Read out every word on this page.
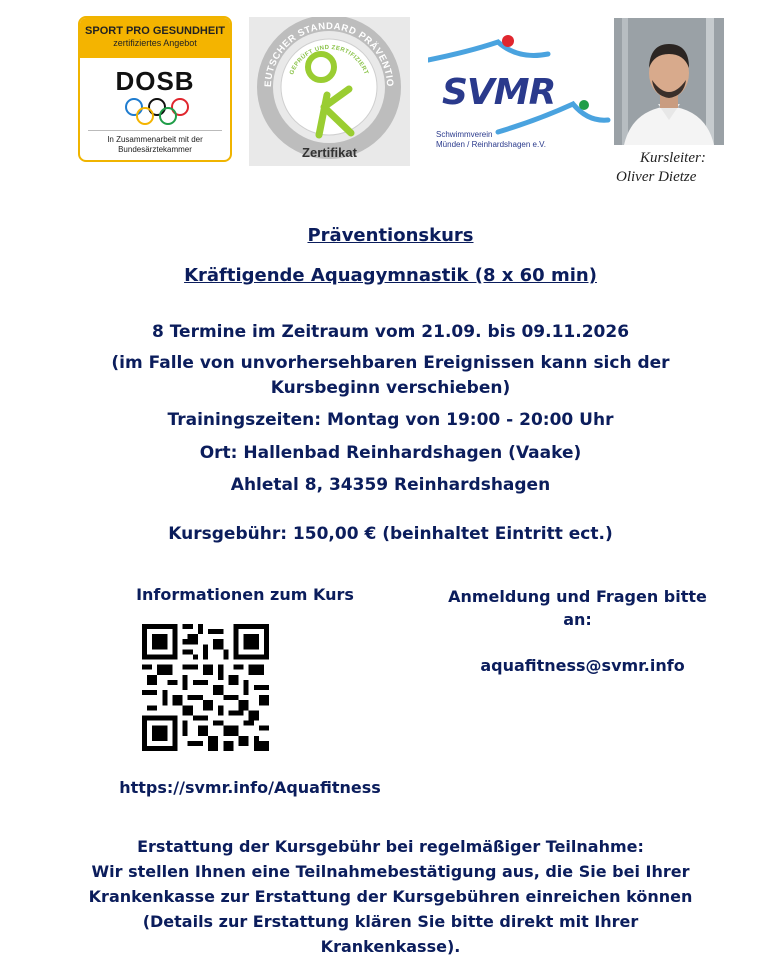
SPORT PRO GESUNDHEIT
zertifiziertes Angebot
DOSB
In Zusammenarbeit mit der
Bundesärztekammer
EUTSCHER STANDARD PRÄVENTIO
GEPRÜFT UND ZERTIFIZIERT
Zertifikat
SVMR
Schwimmverein
Münden / Reinhardshagen e.V.
Kursleiter:
Oliver Dietze
Präventionskurs
Kräftigende Aquagymnastik (8 x 60 min)
8 Termine im Zeitraum vom 21.09. bis 09.11.2026
(im Falle von unvorhersehbaren Ereignissen kann sich der
Kursbeginn verschieben)
Trainingszeiten: Montag von 19:00 - 20:00 Uhr
Ort: Hallenbad Reinhardshagen (Vaake)
Ahletal 8, 34359 Reinhardshagen
Kursgebühr: 150,00 € (beinhaltet Eintritt ect.)
Informationen zum Kurs
https://svmr.info/Aquafitness
Anmeldung und Fragen bitte
an:
aquafitness@svmr.info
Erstattung der Kursgebühr bei regelmäßiger Teilnahme:
Wir stellen Ihnen eine Teilnahmebestätigung aus, die Sie bei Ihrer
Krankenkasse zur Erstattung der Kursgebühren einreichen können
(Details zur Erstattung klären Sie bitte direkt mit Ihrer
Krankenkasse).
